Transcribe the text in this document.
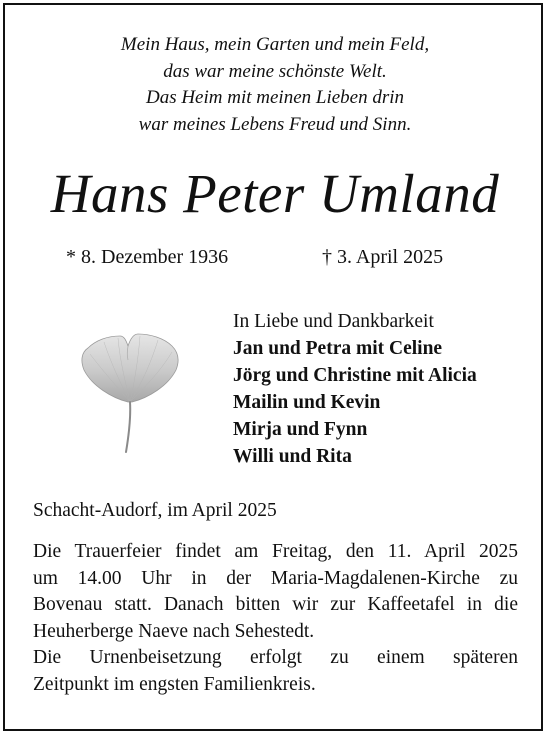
Mein Haus, mein Garten und mein Feld,
das war meine schönste Welt.
Das Heim mit meinen Lieben drin
war meines Lebens Freud und Sinn.
Hans Peter Umland
* 8. Dezember 1936	† 3. April 2025
In Liebe und Dankbarkeit
Jan und Petra mit Celine
Jörg und Christine mit Alicia
Mailin und Kevin
Mirja und Fynn
Willi und Rita
Schacht-Audorf, im April 2025
Die Trauerfeier findet am Freitag, den 11. April 2025
um 14.00 Uhr in der Maria-Magdalenen-Kirche zu
Bovenau statt. Danach bitten wir zur Kaffeetafel in die
Heuherberge Naeve nach Sehestedt.
Die Urnenbeisetzung erfolgt zu einem späteren
Zeitpunkt im engsten Familienkreis.
